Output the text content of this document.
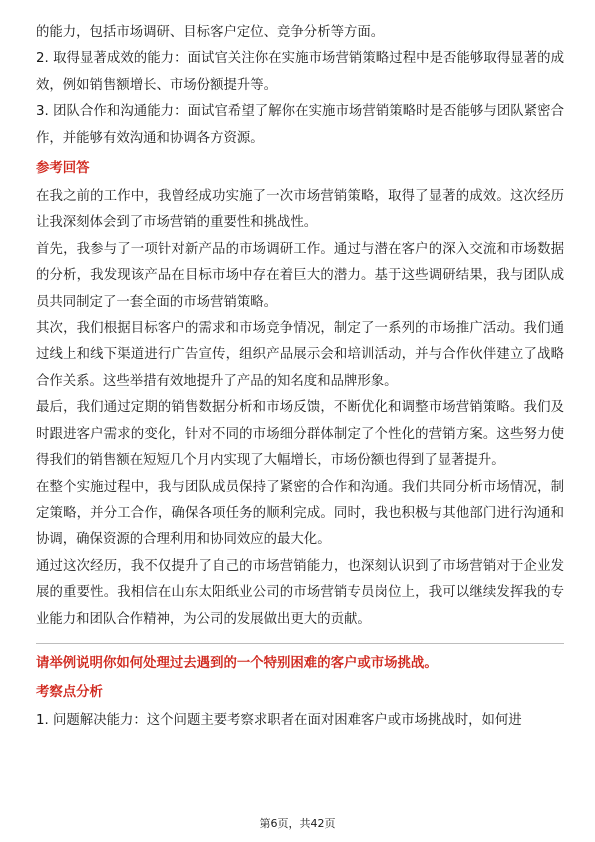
的能力，包括市场调研、目标客户定位、竞争分析等方面。

2. 取得显著成效的能力：面试官关注你在实施市场营销策略过程中是否能够取得显著的成效，例如销售额增长、市场份额提升等。

3. 团队合作和沟通能力：面试官希望了解你在实施市场营销策略时是否能够与团队紧密合作，并能够有效沟通和协调各方资源。

参考回答

在我之前的工作中，我曾经成功实施了一次市场营销策略，取得了显著的成效。这次经历让我深刻体会到了市场营销的重要性和挑战性。

首先，我参与了一项针对新产品的市场调研工作。通过与潜在客户的深入交流和市场数据的分析，我发现该产品在目标市场中存在着巨大的潜力。基于这些调研结果，我与团队成员共同制定了一套全面的市场营销策略。

其次，我们根据目标客户的需求和市场竞争情况，制定了一系列的市场推广活动。我们通过线上和线下渠道进行广告宣传，组织产品展示会和培训活动，并与合作伙伴建立了战略合作关系。这些举措有效地提升了产品的知名度和品牌形象。

最后，我们通过定期的销售数据分析和市场反馈，不断优化和调整市场营销策略。我们及时跟进客户需求的变化，针对不同的市场细分群体制定了个性化的营销方案。这些努力使得我们的销售额在短短几个月内实现了大幅增长，市场份额也得到了显著提升。

在整个实施过程中，我与团队成员保持了紧密的合作和沟通。我们共同分析市场情况，制定策略，并分工合作，确保各项任务的顺利完成。同时，我也积极与其他部门进行沟通和协调，确保资源的合理利用和协同效应的最大化。

通过这次经历，我不仅提升了自己的市场营销能力，也深刻认识到了市场营销对于企业发展的重要性。我相信在山东太阳纸业公司的市场营销专员岗位上，我可以继续发挥我的专业能力和团队合作精神，为公司的发展做出更大的贡献。

请举例说明你如何处理过去遇到的一个特别困难的客户或市场挑战。
考察点分析

1. 问题解决能力：这个问题主要考察求职者在面对困难客户或市场挑战时，如何进

第6页，共42页
